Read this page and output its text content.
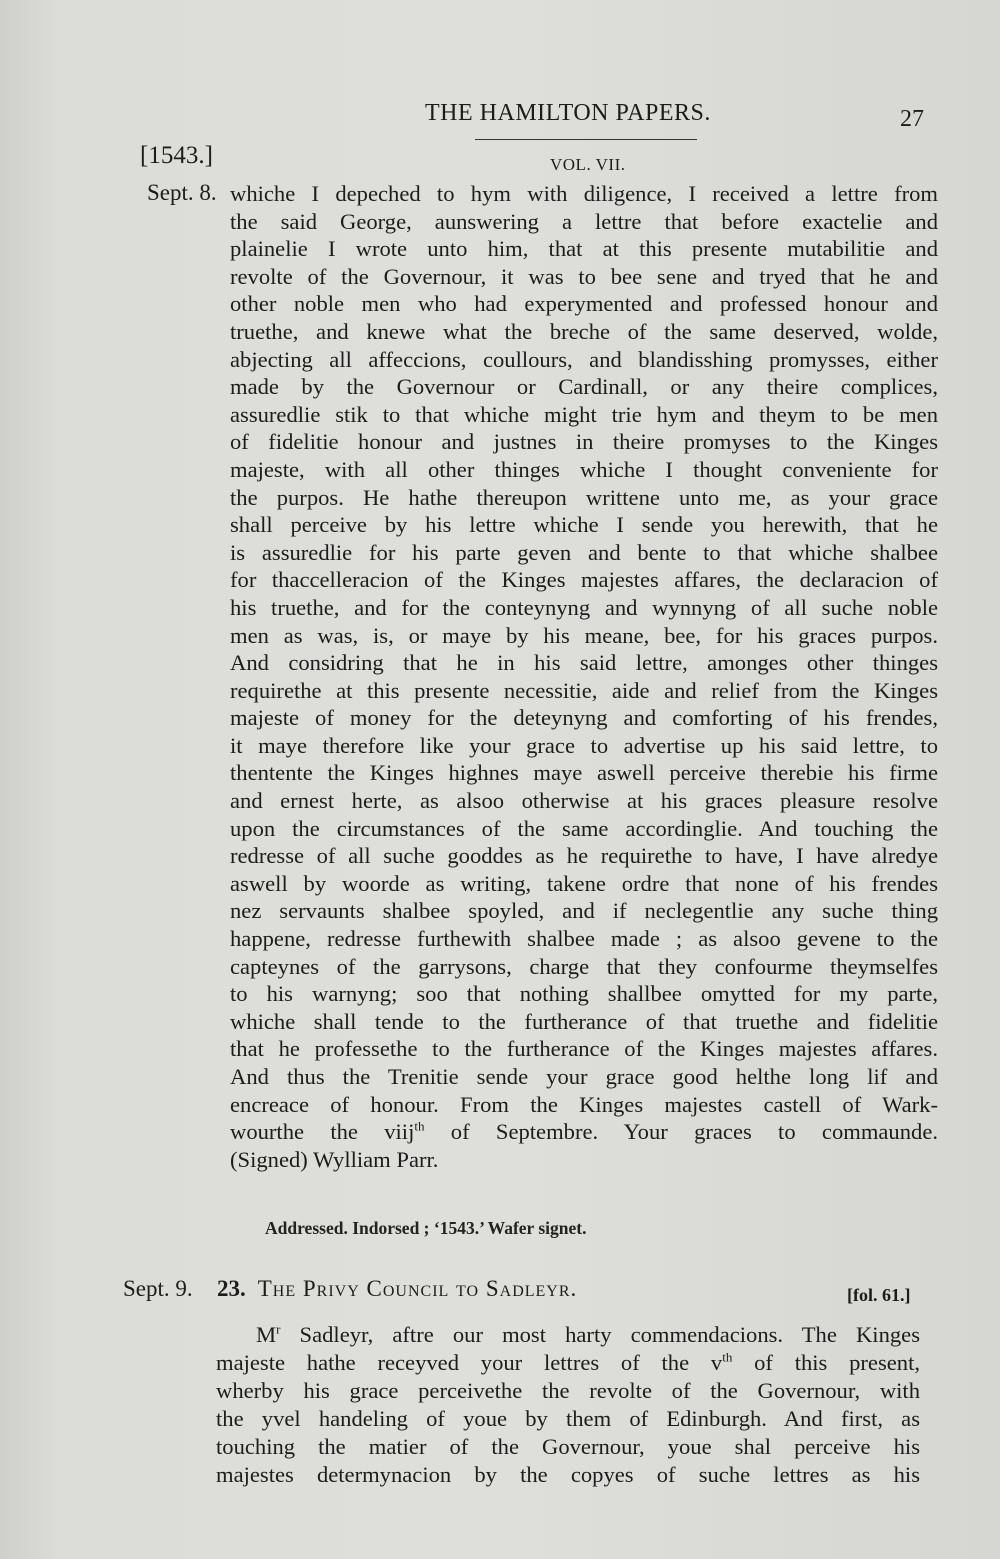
THE HAMILTON PAPERS.	27
[1543.]	VOL. VII.
Sept. 8. whiche I depeched to hym with diligence, I received a lettre from
the said George, aunswering a lettre that before exactelie and
plainelie I wrote unto him, that at this presente mutabilitie and
revolte of the Governour, it was to bee sene and tryed that he and
other noble men who had experymented and professed honour and
truethe, and knewe what the breche of the same deserved, wolde,
abjecting all affeccions, coullours, and blandisshing promysses, either
made by the Governour or Cardinall, or any theire complices,
assuredlie stik to that whiche might trie hym and theym to be men
of fidelitie honour and justnes in theire promyses to the Kinges
majeste, with all other thinges whiche I thought conveniente for
the purpos. He hathe thereupon writtene unto me, as your grace
shall perceive by his lettre whiche I sende you herewith, that he
is assuredlie for his parte geven and bente to that whiche shalbee
for thaccelleracion of the Kinges majestes affares, the declaracion of
his truethe, and for the conteynyng and wynnyng of all suche noble
men as was, is, or maye by his meane, bee, for his graces purpos.
And considring that he in his said lettre, amonges other thinges
requirethe at this presente necessitie, aide and relief from the Kinges
majeste of money for the deteynyng and comforting of his frendes,
it maye therefore like your grace to advertise up his said lettre, to
thentente the Kinges highnes maye aswell perceive therebie his firme
and ernest herte, as alsoo otherwise at his graces pleasure resolve
upon the circumstances of the same accordinglie. And touching the
redresse of all suche gooddes as he requirethe to have, I have alredye
aswell by woorde as writing, takene ordre that none of his frendes
nez servaunts shalbee spoyled, and if neclegentlie any suche thing
happene, redresse furthewith shalbee made ; as alsoo gevene to the
capteynes of the garrysons, charge that they confourme theymselfes
to his warnyng; soo that nothing shallbee omytted for my parte,
whiche shall tende to the furtherance of that truethe and fidelitie
that he professethe to the furtherance of the Kinges majestes affares.
And thus the Trenitie sende your grace good helthe long lif and
encreace of honour. From the Kinges majestes castell of Wark-
wourthe the viij$^{th}$ of Septembre. Your graces to commaunde.
(Signed) Wylliam Parr.
Addressed. Indorsed ; ‘1543.’ Wafer signet.
Sept. 9. 23. The Privy Council to Sadleyr.	[fol. 61.]
$M^r$ Sadleyr, aftre our most harty commendacions. The Kinges
majeste hathe receyved your lettres of the $v^{th}$ of this present,
wherby his grace perceivethe the revolte of the Governour, with
the yvel handeling of youe by them of Edinburgh. And first, as
touching the matier of the Governour, youe shal perceive his
majestes determynacion by the copyes of suche lettres as his
